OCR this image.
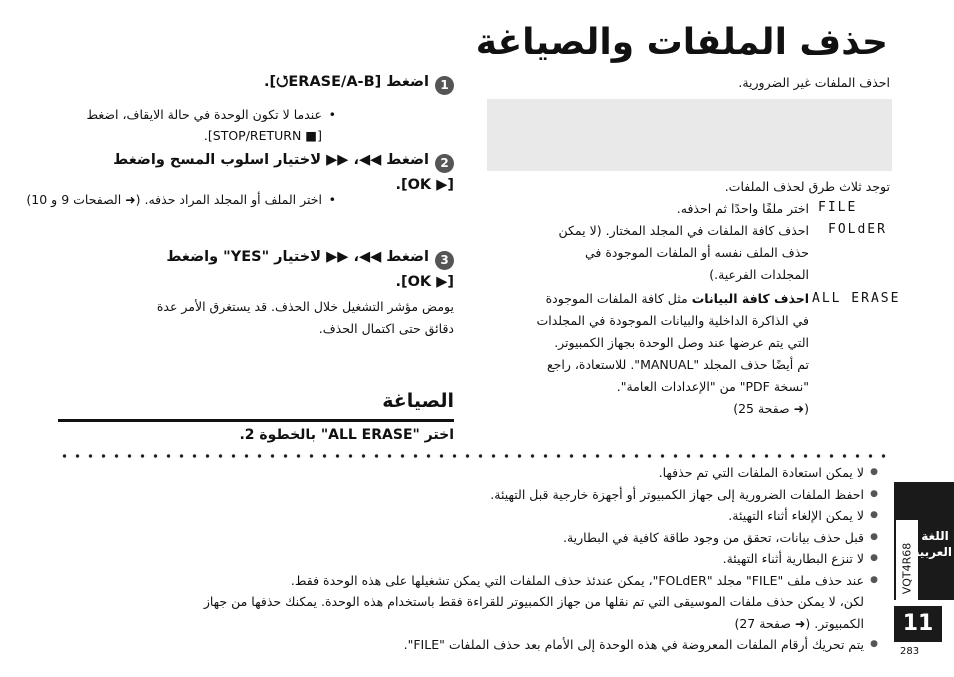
حذف الملفات والصياغة
احذف الملفات غير الضرورية.
• عندما لا تكون الوحدة في حالة الايقاف، اضغط
[■ STOP/RETURN].
• اختر الملف أو المجلد المراد حذفه. (➜ الصفحات 9 و 10)
توجد ثلاث طرق لحذف الملفات.
FILE
FOLdER
ALL ERASE
اختر ملفًا واحدًا ثم احذفه.
احذف كافة الملفات في المجلد المختار. (لا يمكن
حذف الملف نفسه أو الملفات الموجودة في
المجلدات الفرعية.)
احذف كافة البيانات مثل كافة الملفات الموجودة
في الذاكرة الداخلية والبيانات الموجودة في المجلدات
التي يتم عرضها عند وصل الوحدة بجهاز الكمبيوتر.
تم أيضًا حذف المجلد "MANUAL". للاستعادة، راجع
"نسخة PDF" من "الإعدادات العامة".
(➜ صفحة 25)
1اضغط [ERASE/A-B⭯].
2اضغط ◀◀، ▶▶ لاختيار اسلوب المسح واضغط
[▶ OK].
3اضغط ◀◀، ▶▶ لاختيار "YES" واضغط
[▶ OK].
يومض مؤشر التشغيل خلال الحذف. قد يستغرق الأمر عدة
دقائق حتى اكتمال الحذف.
الصياغة
اختر "ALL ERASE" بالخطوة 2.
● لا يمكن استعادة الملفات التي تم حذفها.
● احفظ الملفات الضرورية إلى جهاز الكمبيوتر أو أجهزة خارجية قبل التهيئة.
● لا يمكن الإلغاء أثناء التهيئة.
● قبل حذف بيانات، تحقق من وجود طاقة كافية في البطارية.
● لا تنزع البطارية أثناء التهيئة.
● عند حذف ملف "FILE" مجلد "FOLdER"، يمكن عندئذ حذف الملفات التي يمكن تشغيلها على هذه الوحدة فقط.
لكن، لا يمكن حذف ملفات الموسيقى التي تم نقلها من جهاز الكمبيوتر للقراءة فقط باستخدام هذه الوحدة. يمكنك حذفها من جهاز
الكمبيوتر. (➜ صفحة 27)
● يتم تحريك أرقام الملفات المعروضة في هذه الوحدة إلى الأمام بعد حذف الملفات "FILE".
اللغة
العربية
VQT4R68
11
283
